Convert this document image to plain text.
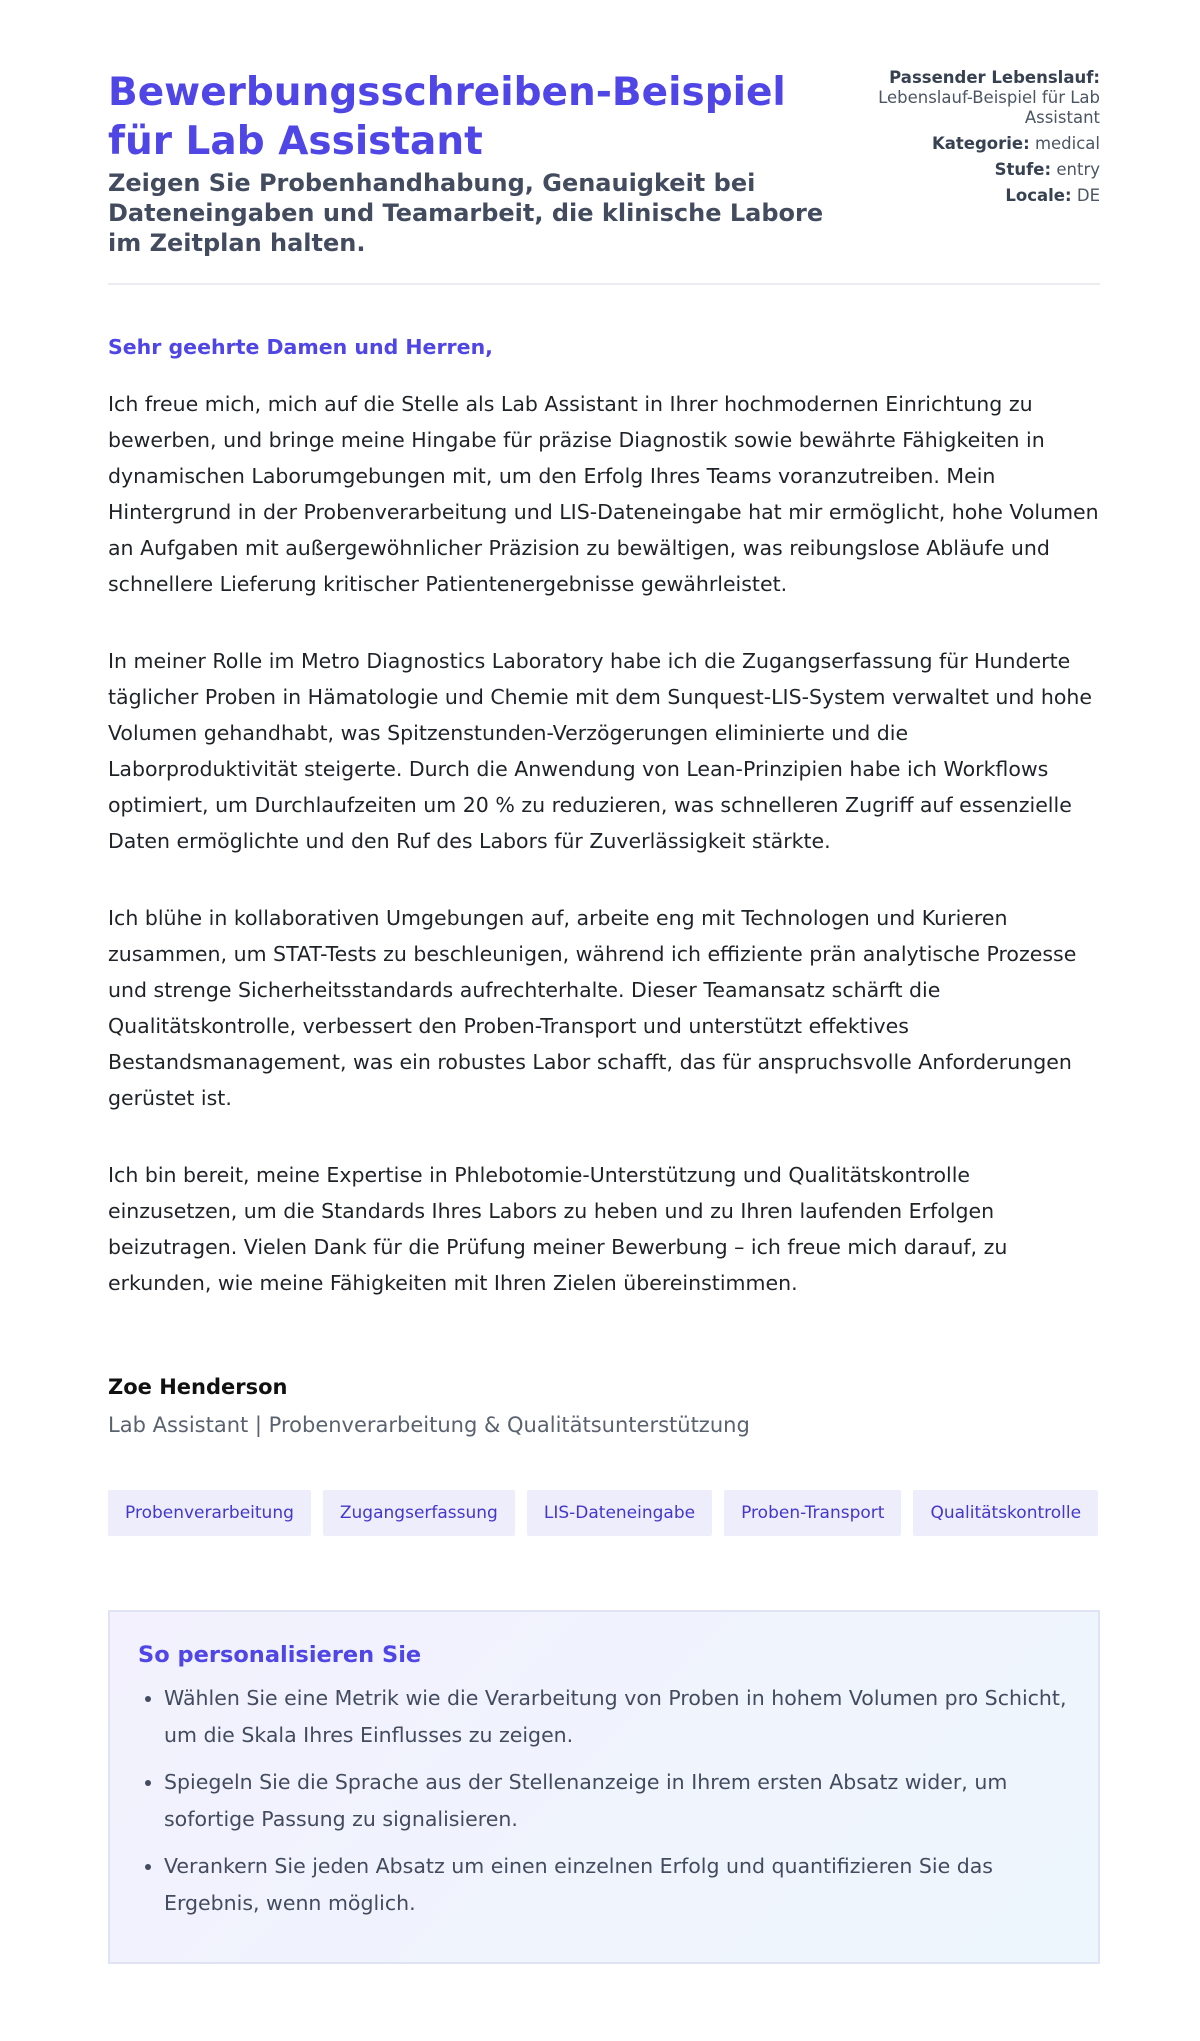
Bewerbungsschreiben-Beispiel für Lab Assistant
Zeigen Sie Probenhandhabung, Genauigkeit bei Dateneingaben und Teamarbeit, die klinische Labore im Zeitplan halten.
Passender Lebenslauf:
Lebenslauf-Beispiel für Lab Assistant
Kategorie: medical
Stufe: entry
Locale: DE
Sehr geehrte Damen und Herren,

Ich freue mich, mich auf die Stelle als Lab Assistant in Ihrer hochmodernen Einrichtung zu bewerben, und bringe meine Hingabe für präzise Diagnostik sowie bewährte Fähigkeiten in dynamischen Laborumgebungen mit, um den Erfolg Ihres Teams voranzutreiben. Mein Hintergrund in der Probenverarbeitung und LIS-Dateneingabe hat mir ermöglicht, hohe Volumen an Aufgaben mit außergewöhnlicher Präzision zu bewältigen, was reibungslose Abläufe und schnellere Lieferung kritischer Patientenergebnisse gewährleistet.

In meiner Rolle im Metro Diagnostics Laboratory habe ich die Zugangserfassung für Hunderte täglicher Proben in Hämatologie und Chemie mit dem Sunquest-LIS-System verwaltet und hohe Volumen gehandhabt, was Spitzenstunden-Verzögerungen eliminierte und die Laborproduktivität steigerte. Durch die Anwendung von Lean-Prinzipien habe ich Workflows optimiert, um Durchlaufzeiten um 20 % zu reduzieren, was schnelleren Zugriff auf essenzielle Daten ermöglichte und den Ruf des Labors für Zuverlässigkeit stärkte.

Ich blühe in kollaborativen Umgebungen auf, arbeite eng mit Technologen und Kurieren zusammen, um STAT-Tests zu beschleunigen, während ich effiziente prän analytische Prozesse und strenge Sicherheitsstandards aufrechterhalte. Dieser Teamansatz schärft die Qualitätskontrolle, verbessert den Proben-Transport und unterstützt effektives Bestandsmanagement, was ein robustes Labor schafft, das für anspruchsvolle Anforderungen gerüstet ist.

Ich bin bereit, meine Expertise in Phlebotomie-Unterstützung und Qualitätskontrolle einzusetzen, um die Standards Ihres Labors zu heben und zu Ihren laufenden Erfolgen beizutragen. Vielen Dank für die Prüfung meiner Bewerbung – ich freue mich darauf, zu erkunden, wie meine Fähigkeiten mit Ihren Zielen übereinstimmen.

Zoe Henderson
Lab Assistant | Probenverarbeitung & Qualitätsunterstützung
Probenverarbeitung	Zugangserfassung	LIS-Dateneingabe	Proben-Transport	Qualitätskontrolle
So personalisieren Sie
• Wählen Sie eine Metrik wie die Verarbeitung von Proben in hohem Volumen pro Schicht, um die Skala Ihres Einflusses zu zeigen.
• Spiegeln Sie die Sprache aus der Stellenanzeige in Ihrem ersten Absatz wider, um sofortige Passung zu signalisieren.
• Verankern Sie jeden Absatz um einen einzelnen Erfolg und quantifizieren Sie das Ergebnis, wenn möglich.
